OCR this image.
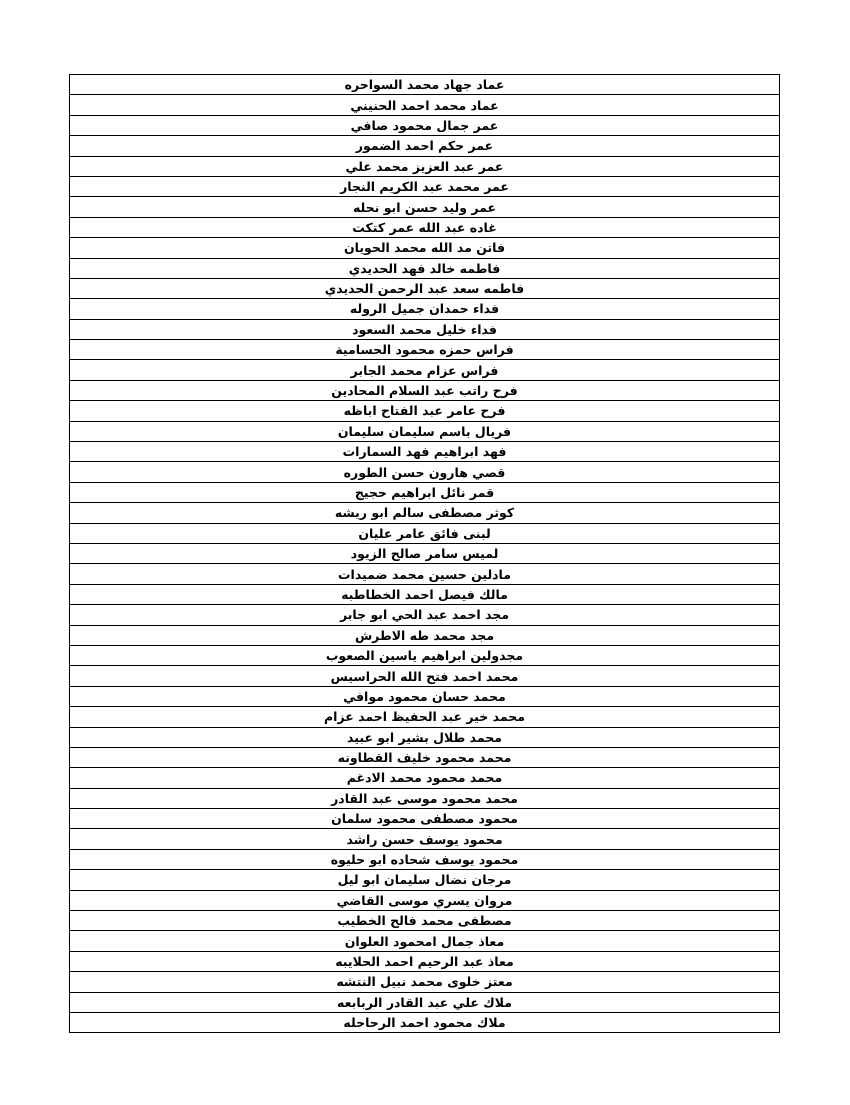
عماد جهاد محمد السواحره
عماد محمد احمد الحنيني
عمر جمال محمود صافي
عمر حكم احمد الضمور
عمر عبد العزيز محمد علي
عمر محمد عبد الكريم النجار
عمر وليد حسن ابو نحله
غاده عبد الله عمر كتكت
فاتن مد الله محمد الحويان
فاطمه خالد فهد الحديدي
فاطمه سعد عبد الرحمن الحديدي
فداء حمدان جميل الروله
فداء خليل محمد السعود
فراس حمزه محمود الحسامية
فراس عزام محمد الجابر
فرح راتب عبد السلام المحادين
فرح عامر عبد الفتاح اباظه
فريال باسم سليمان سليمان
فهد ابراهيم فهد السمارات
قصي هارون حسن الطوره
قمر نائل ابراهيم حجيج
كوثر مصطفى سالم ابو ريشه
لبنى فائق عامر عليان
لميس سامر صالح الزيود
مادلين حسين محمد ضميدات
مالك فيصل احمد الخطاطبه
مجد احمد عبد الحي ابو جابر
مجد محمد طه الاطرش
مجدولين ابراهيم ياسين الصعوب
محمد احمد فتح الله الحراسيس
محمد حسان محمود موافي
محمد خير عبد الحفيظ احمد عزام
محمد طلال بشير ابو عبيد
محمد محمود خليف القطاونه
محمد محمود محمد الادغم
محمد محمود موسى عبد القادر
محمود مصطفى محمود سلمان
محمود يوسف حسن راشد
محمود يوسف شحاده ابو حليوه
مرجان نضال سليمان ابو ليل
مروان يسري موسى القاضي
مصطفى محمد فالح الخطيب
معاذ جمال امحمود العلوان
معاذ عبد الرحيم احمد الحلايبه
معتز خلوى محمد نبيل النتشه
ملاك علي عبد القادر الربابعه
ملاك محمود احمد الرحاحله
